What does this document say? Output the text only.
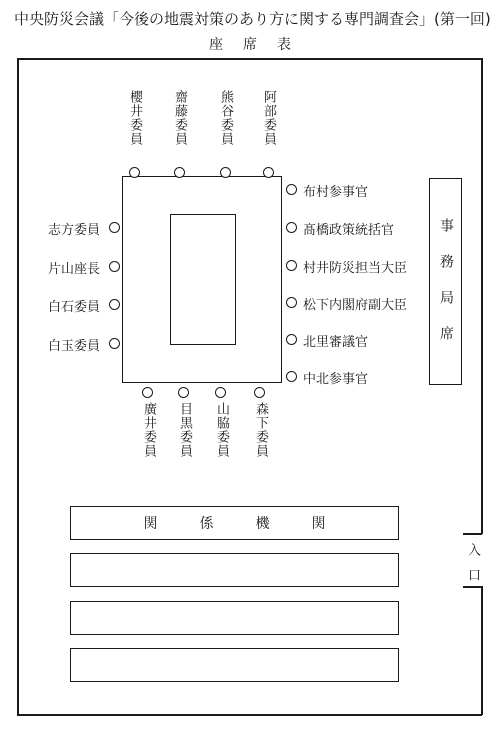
中央防災会議「今後の地震対策のあり方に関する専門調査会」(第一回)
座席表
事務局席
櫻井委員 齋藤委員 熊谷委員 阿部委員
廣井委員 目黒委員 山脇委員 森下委員
志方委員
片山座長
白石委員
白玉委員
布村参事官
髙橋政策統括官
村井防災担当大臣
松下内閣府副大臣
北里審議官
中北参事官
関係機関
入口
